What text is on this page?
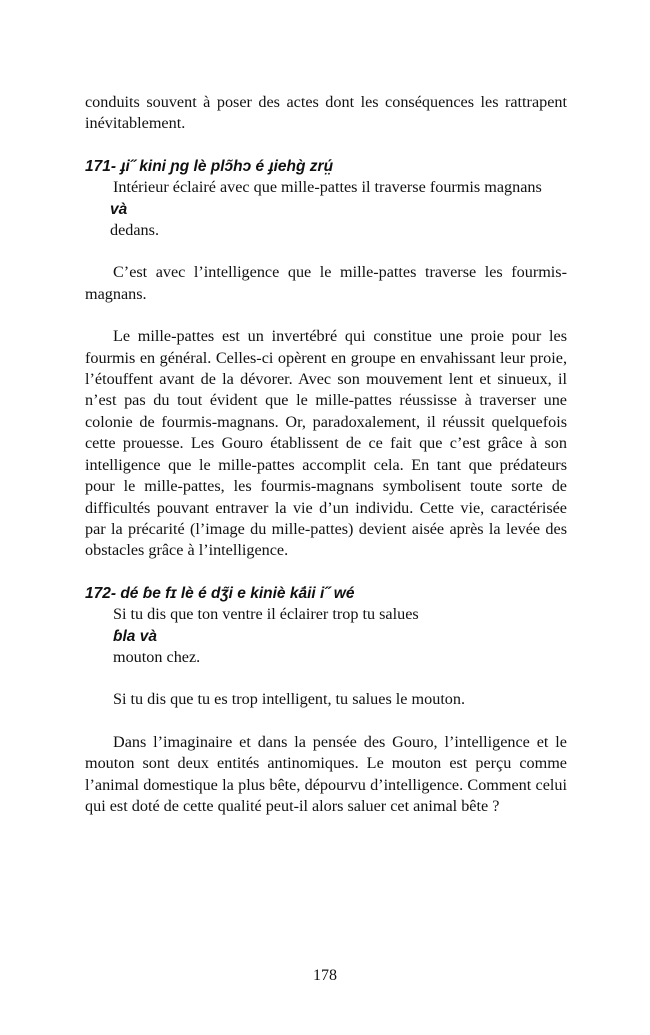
conduits souvent à poser des actes dont les conséquences les rattrapent inévitablement.

171- ɟi˝ kini ɲg lè plɔ̃hɔ é ɟiehɡ̀ zrṳ́

Intérieur éclairé avec que mille-pattes il traverse fourmis magnans

và

dedans.

C’est avec l’intelligence que le mille-pattes traverse les fourmis-magnans.

Le mille-pattes est un invertébré qui constitue une proie pour les fourmis en général. Celles-ci opèrent en groupe en envahissant leur proie, l’étouffent avant de la dévorer. Avec son mouvement lent et sinueux, il n’est pas du tout évident que le mille-pattes réussisse à traverser une colonie de fourmis-magnans. Or, paradoxalement, il réussit quelquefois cette prouesse. Les Gouro établissent de ce fait que c’est grâce à son intelligence que le mille-pattes accomplit cela. En tant que prédateurs pour le mille-pattes, les fourmis-magnans symbolisent toute sorte de difficultés pouvant entraver la vie d’un individu. Cette vie, caractérisée par la précarité (l’image du mille-pattes) devient aisée après la levée des obstacles grâce à l’intelligence.

172- dé ɓe fɪ lè é dʒ̃i e kiniè kā́ii i˝ wé

Si tu dis que ton ventre il éclairer trop tu salues

ɓla và

mouton chez.

Si tu dis que tu es trop intelligent, tu salues le mouton.

Dans l’imaginaire et dans la pensée des Gouro, l’intelligence et le mouton sont deux entités antinomiques. Le mouton est perçu comme l’animal domestique la plus bête, dépourvu d’intelligence. Comment celui qui est doté de cette qualité peut-il alors saluer cet animal bête ?

178
